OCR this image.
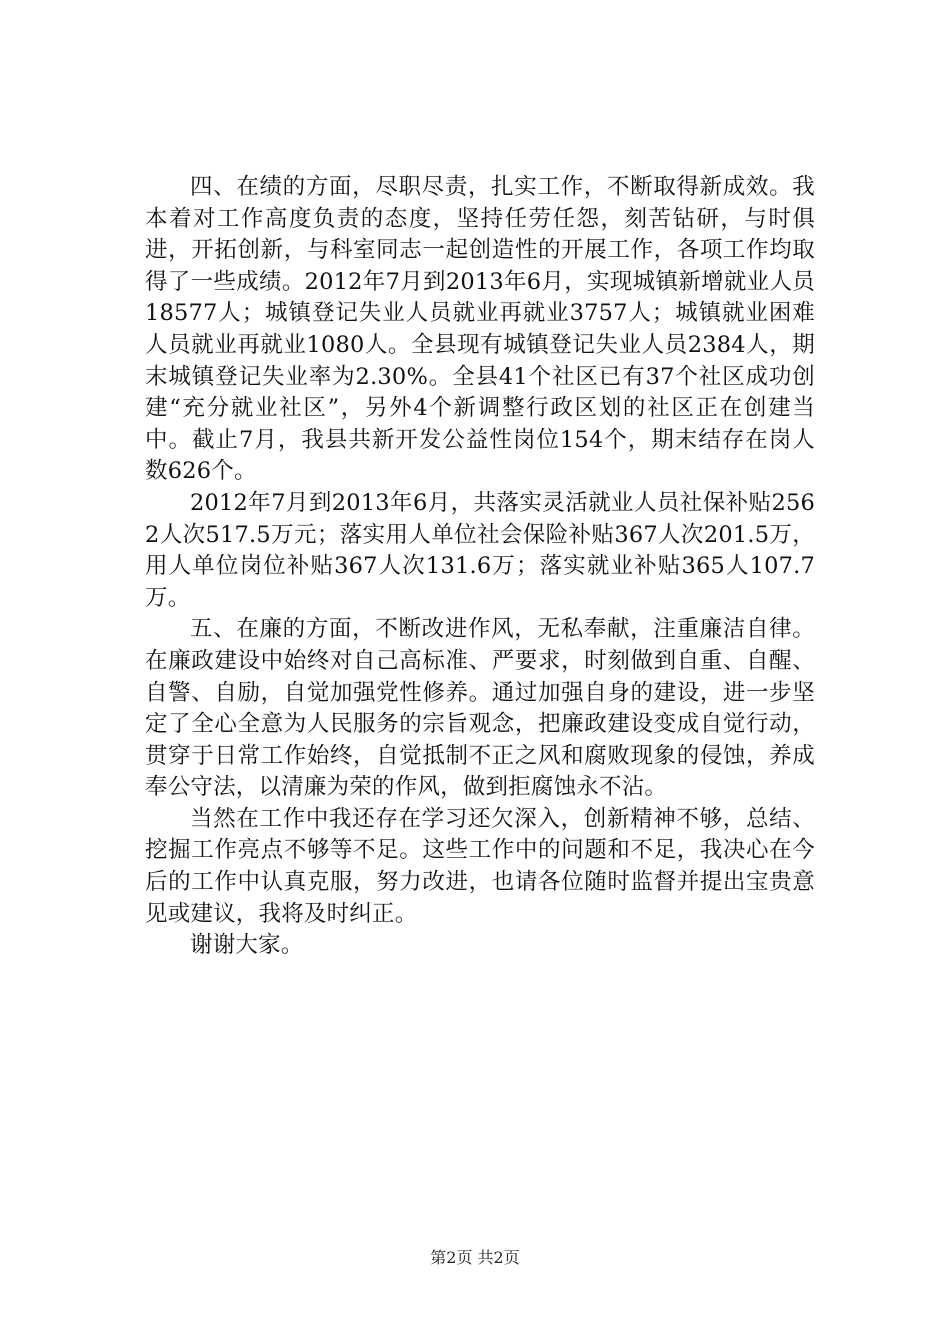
四、在绩的方面，尽职尽责，扎实工作，不断取得新成效。我本着对工作高度负责的态度，坚持任劳任怨，刻苦钻研，与时俱进，开拓创新，与科室同志一起创造性的开展工作，各项工作均取得了一些成绩。2012年7月到2013年6月，实现城镇新增就业人员18577人；城镇登记失业人员就业再就业3757人；城镇就业困难人员就业再就业1080人。全县现有城镇登记失业人员2384人，期末城镇登记失业率为2.30%。全县41个社区已有37个社区成功创建“充分就业社区”，另外4个新调整行政区划的社区正在创建当中。截止7月，我县共新开发公益性岗位154个，期末结存在岗人数626个。

2012年7月到2013年6月，共落实灵活就业人员社保补贴2562人次517.5万元；落实用人单位社会保险补贴367人次201.5万，用人单位岗位补贴367人次131.6万；落实就业补贴365人107.7万。

五、在廉的方面，不断改进作风，无私奉献，注重廉洁自律。在廉政建设中始终对自己高标准、严要求，时刻做到自重、自醒、自警、自励，自觉加强党性修养。通过加强自身的建设，进一步坚定了全心全意为人民服务的宗旨观念，把廉政建设变成自觉行动，贯穿于日常工作始终，自觉抵制不正之风和腐败现象的侵蚀，养成奉公守法，以清廉为荣的作风，做到拒腐蚀永不沾。

当然在工作中我还存在学习还欠深入，创新精神不够，总结、挖掘工作亮点不够等不足。这些工作中的问题和不足，我决心在今后的工作中认真克服，努力改进，也请各位随时监督并提出宝贵意见或建议，我将及时纠正。

谢谢大家。

第2页 共2页
